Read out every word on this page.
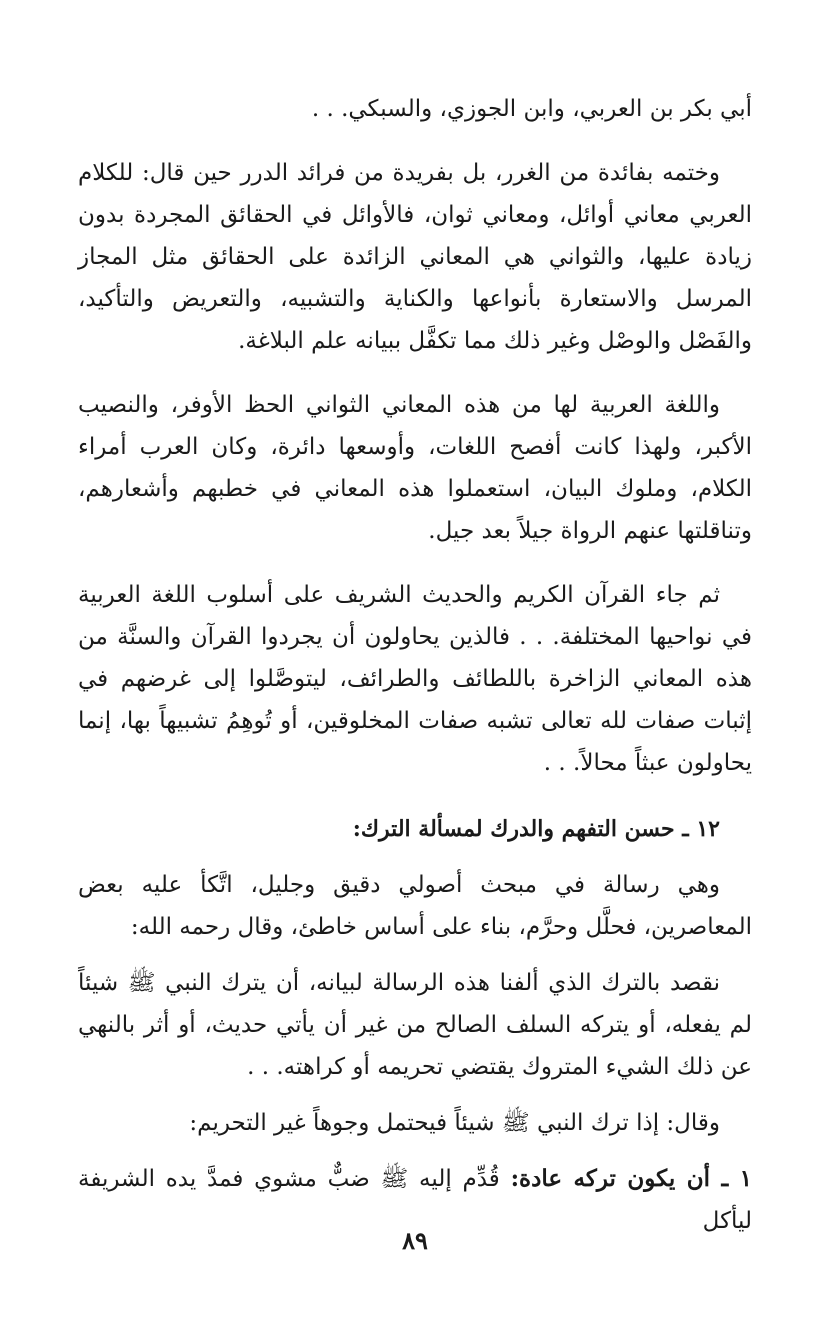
أبي بكر بن العربي، وابن الجوزي، والسبكي. . .

وختمه بفائدة من الغرر، بل بفريدة من فرائد الدرر حين قال: للكلام العربي معاني أوائل، ومعاني ثوان، فالأوائل في الحقائق المجردة بدون زيادة عليها، والثواني هي المعاني الزائدة على الحقائق مثل المجاز المرسل والاستعارة بأنواعها والكناية والتشبيه، والتعريض والتأكيد، والفَصْل والوصْل وغير ذلك مما تكفَّل ببيانه علم البلاغة.

واللغة العربية لها من هذه المعاني الثواني الحظ الأوفر، والنصيب الأكبر، ولهذا كانت أفصح اللغات، وأوسعها دائرة، وكان العرب أمراء الكلام، وملوك البيان، استعملوا هذه المعاني في خطبهم وأشعارهم، وتناقلتها عنهم الرواة جيلاً بعد جيل.

ثم جاء القرآن الكريم والحديث الشريف على أسلوب اللغة العربية في نواحيها المختلفة. . . فالذين يحاولون أن يجردوا القرآن والسنَّة من هذه المعاني الزاخرة باللطائف والطرائف، ليتوصَّلوا إلى غرضهم في إثبات صفات لله تعالى تشبه صفات المخلوقين، أو تُوهِمُ تشبيهاً بها، إنما يحاولون عبثاً محالاً. . .

١٢ ـ حسن التفهم والدرك لمسألة الترك:

وهي رسالة في مبحث أصولي دقيق وجليل، اتَّكأ عليه بعض المعاصرين، فحلَّل وحرَّم، بناء على أساس خاطئ، وقال رحمه الله:

نقصد بالترك الذي ألفنا هذه الرسالة لبيانه، أن يترك النبي ﷺ شيئاً لم يفعله، أو يتركه السلف الصالح من غير أن يأتي حديث، أو أثر بالنهي عن ذلك الشيء المتروك يقتضي تحريمه أو كراهته. . .

وقال: إذا ترك النبي ﷺ شيئاً فيحتمل وجوهاً غير التحريم:

١ ـ أن يكون تركه عادة: قُدِّم إليه ﷺ ضبٌّ مشوي فمدَّ يده الشريفة ليأكل

٨٩
